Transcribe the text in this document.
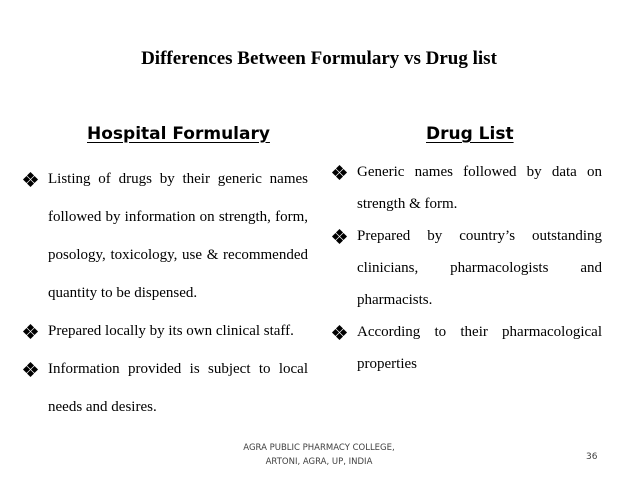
Differences Between Formulary vs Drug list
Hospital Formulary	Drug List
Listing of drugs by their generic names followed by information on strength, form, posology, toxicology, use & recommended quantity to be dispensed.
Prepared locally by its own clinical staff.
Information provided is subject to local needs and desires.
Generic names followed by data on strength & form.
Prepared by country’s outstanding clinicians, pharmacologists and pharmacists.
According to their pharmacological properties
AGRA PUBLIC PHARMACY COLLEGE,
ARTONI, AGRA, UP, INDIA	36
